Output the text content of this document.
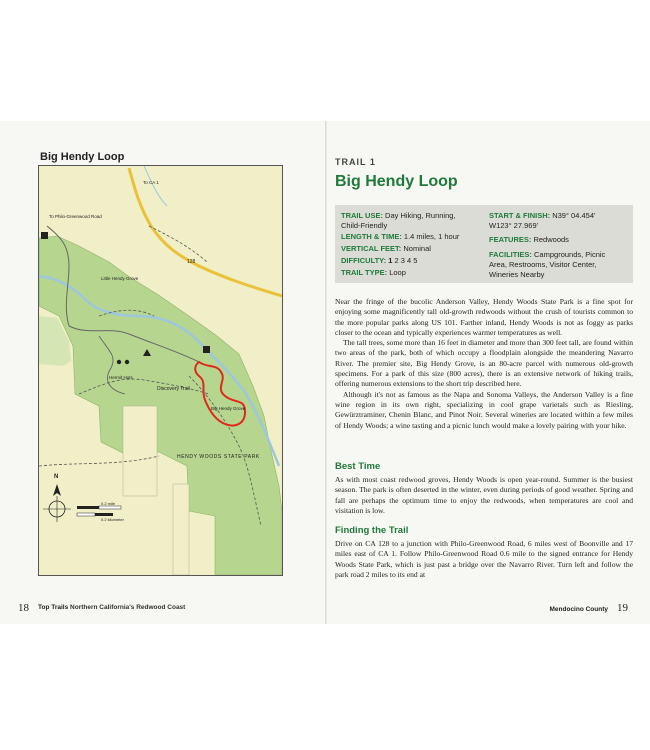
Big Hendy Loop
To Philo-Greenwood Road
128
Little Hendy Grove
Hermit Huts
Discovery Trail
Big Hendy Grove
HENDY WOODS STATE PARK
To CA 1
N
0.2 mile
0.2 kilometer
18 Top Trails Northern California's Redwood Coast
TRAIL 1
Big Hendy Loop
TRAIL USE: Day Hiking, Running,
Child-Friendly
LENGTH & TIME: 1.4 miles, 1 hour
VERTICAL FEET: Nominal
DIFFICULTY: 1 2 3 4 5
TRAIL TYPE: Loop
START & FINISH: N39° 04.454'
W123° 27.969'
FEATURES: Redwoods
FACILITIES: Campgrounds, Picnic
Area, Restrooms, Visitor Center,
Wineries Nearby

Near the fringe of the bucolic Anderson Valley, Hendy Woods State Park is a fine spot for enjoying some magnificently tall old-growth redwoods without the crush of tourists common to the more popular parks along US 101. Farther inland, Hendy Woods is not as foggy as parks closer to the ocean and typically experiences warmer temperatures as well.

The tall trees, some more than 16 feet in diameter and more than 300 feet tall, are found within two areas of the park, both of which occupy a floodplain alongside the meandering Navarro River. The premier site, Big Hendy Grove, is an 80-acre parcel with numerous old-growth specimens. For a park of this size (800 acres), there is an extensive network of hiking trails, offering numerous extensions to the short trip described here.

Although it's not as famous as the Napa and Sonoma Valleys, the Anderson Valley is a fine wine region in its own right, specializing in cool grape varietals such as Riesling, Gewürztraminer, Chenin Blanc, and Pinot Noir. Several wineries are located within a few miles of Hendy Woods; a wine tasting and a picnic lunch would make a lovely pairing with your hike.

Best Time

As with most coast redwood groves, Hendy Woods is open year-round. Summer is the busiest season. The park is often deserted in the winter, even during periods of good weather. Spring and fall are perhaps the optimum time to enjoy the redwoods, when temperatures are cool and visitation is low.

Finding the Trail

Drive on CA 128 to a junction with Philo-Greenwood Road, 6 miles west of Boonville and 17 miles east of CA 1. Follow Philo-Greenwood Road 0.6 mile to the signed entrance for Hendy Woods State Park, which is just past a bridge over the Navarro River. Turn left and follow the park road 2 miles to its end at

Mendocino County 19
